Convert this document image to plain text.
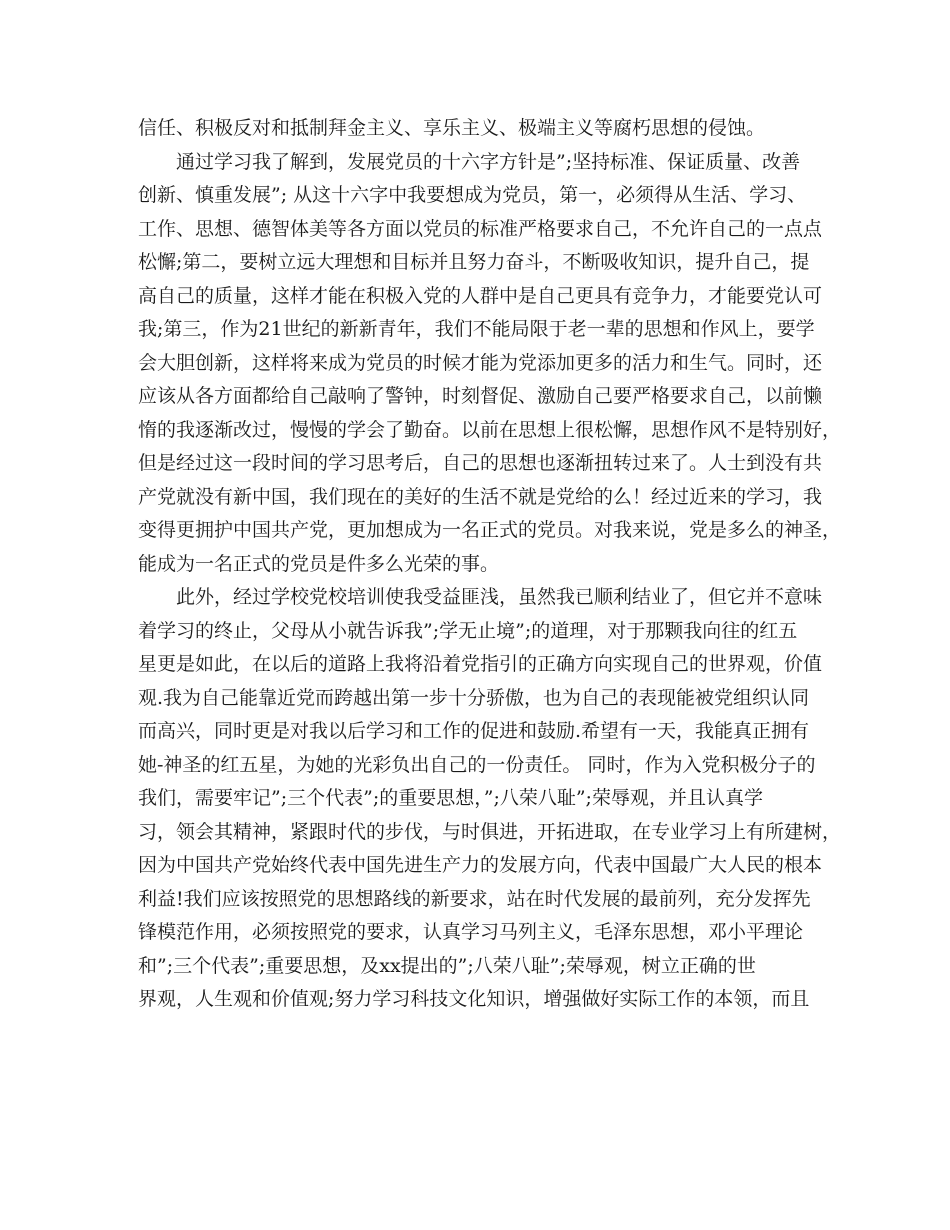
信任、积极反对和抵制拜金主义、享乐主义、极端主义等腐朽思想的侵蚀。
通过学习我了解到，发展党员的十六字方针是”;坚持标准、保证质量、改善
创新、慎重发展”; 从这十六字中我要想成为党员，第一，必须得从生活、学习、
工作、思想、德智体美等各方面以党员的标准严格要求自己，不允许自己的一点点
松懈;第二，要树立远大理想和目标并且努力奋斗，不断吸收知识，提升自己，提
高自己的质量，这样才能在积极入党的人群中是自己更具有竞争力，才能要党认可
我;第三，作为21世纪的新新青年，我们不能局限于老一辈的思想和作风上，要学
会大胆创新，这样将来成为党员的时候才能为党添加更多的活力和生气。同时，还
应该从各方面都给自己敲响了警钟，时刻督促、激励自己要严格要求自己，以前懒
惰的我逐渐改过，慢慢的学会了勤奋。以前在思想上很松懈，思想作风不是特别好，
但是经过这一段时间的学习思考后，自己的思想也逐渐扭转过来了。人士到没有共
产党就没有新中国，我们现在的美好的生活不就是党给的么！经过近来的学习，我
变得更拥护中国共产党，更加想成为一名正式的党员。对我来说，党是多么的神圣，
能成为一名正式的党员是件多么光荣的事。
此外，经过学校党校培训使我受益匪浅，虽然我已顺利结业了，但它并不意味
着学习的终止，父母从小就告诉我”;学无止境”;的道理，对于那颗我向往的红五
星更是如此，在以后的道路上我将沿着党指引的正确方向实现自己的世界观，价值
观.我为自己能靠近党而跨越出第一步十分骄傲，也为自己的表现能被党组织认同
而高兴，同时更是对我以后学习和工作的促进和鼓励.希望有一天，我能真正拥有
她-神圣的红五星，为她的光彩负出自己的一份责任。 同时，作为入党积极分子的
我们，需要牢记”;三个代表”;的重要思想，”;八荣八耻”;荣辱观，并且认真学
习，领会其精神，紧跟时代的步伐，与时俱进，开拓进取，在专业学习上有所建树，
因为中国共产党始终代表中国先进生产力的发展方向，代表中国最广大人民的根本
利益!我们应该按照党的思想路线的新要求，站在时代发展的最前列，充分发挥先
锋模范作用，必须按照党的要求，认真学习马列主义，毛泽东思想，邓小平理论
和”;三个代表”;重要思想，及xx提出的”;八荣八耻”;荣辱观，树立正确的世
界观，人生观和价值观;努力学习科技文化知识，增强做好实际工作的本领，而且
